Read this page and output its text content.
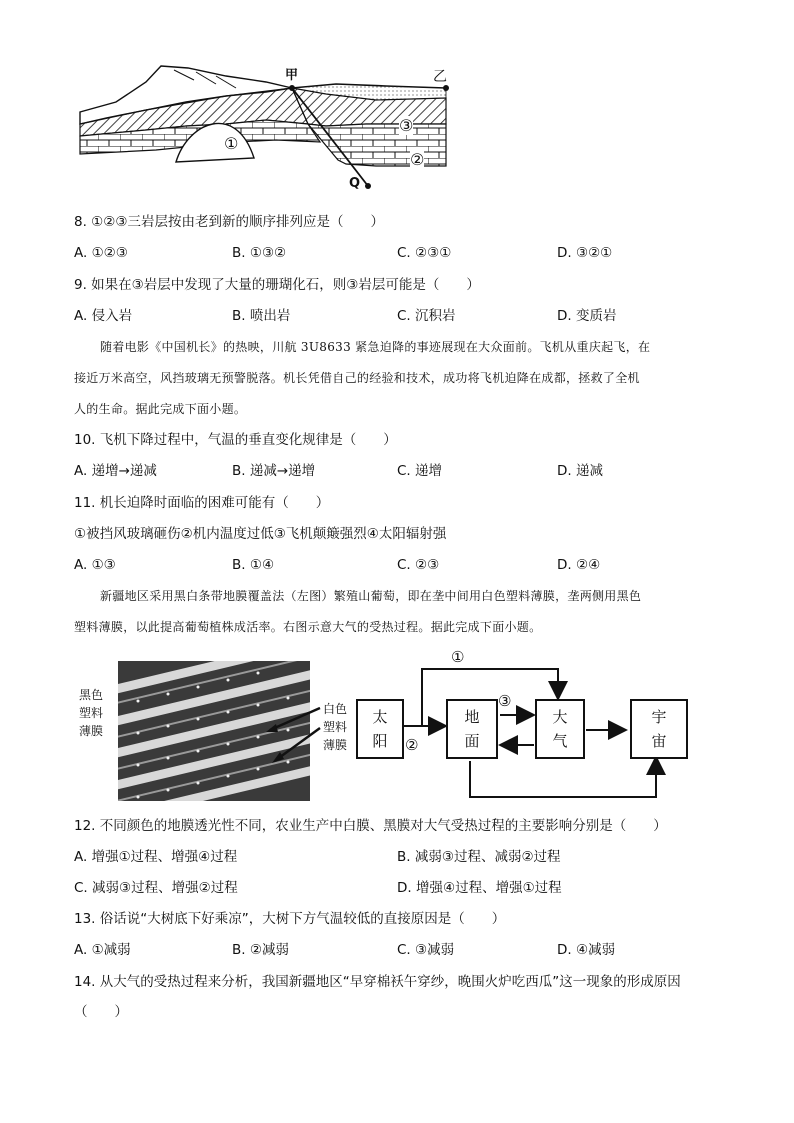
甲	乙
Q
①
③
②
8. ①②③三岩层按由老到新的顺序排列应是（　　）
A. ①②③	B. ①③②	C. ②③①	D. ③②①
9. 如果在③岩层中发现了大量的珊瑚化石，则③岩层可能是（　　）
A. 侵入岩	B. 喷出岩	C. 沉积岩	D. 变质岩
随着电影《中国机长》的热映，川航 3U8633 紧急迫降的事迹展现在大众面前。飞机从重庆起飞，在
接近万米高空，风挡玻璃无预警脱落。机长凭借自己的经验和技术，成功将飞机迫降在成都，拯救了全机
人的生命。据此完成下面小题。
10. 飞机下降过程中，气温的垂直变化规律是（　　）
A. 递增→递减	B. 递减→递增	C. 递增	D. 递减
11. 机长迫降时面临的困难可能有（　　）
①被挡风玻璃砸伤②机内温度过低③飞机颠簸强烈④太阳辐射强
A. ①③	B. ①④	C. ②③	D. ②④
新疆地区采用黑白条带地膜覆盖法（左图）繁殖山葡萄，即在垄中间用白色塑料薄膜，垄两侧用黑色
塑料薄膜，以此提高葡萄植株成活率。右图示意大气的受热过程。据此完成下面小题。
黑色
塑料
薄膜
白色
塑料
薄膜
太
阳
地
面
大
气
宇
宙
①
②
③
④
12. 不同颜色的地膜透光性不同，农业生产中白膜、黑膜对大气受热过程的主要影响分别是（　　）
A. 增强①过程、增强④过程	B. 减弱③过程、减弱②过程
C. 减弱③过程、增强②过程	D. 增强④过程、增强①过程
13. 俗话说“大树底下好乘凉”，大树下方气温较低的直接原因是（　　）
A. ①减弱	B. ②减弱	C. ③减弱	D. ④减弱
14. 从大气的受热过程来分析，我国新疆地区“早穿棉袄午穿纱，晚围火炉吃西瓜”这一现象的形成原因
（　　）
